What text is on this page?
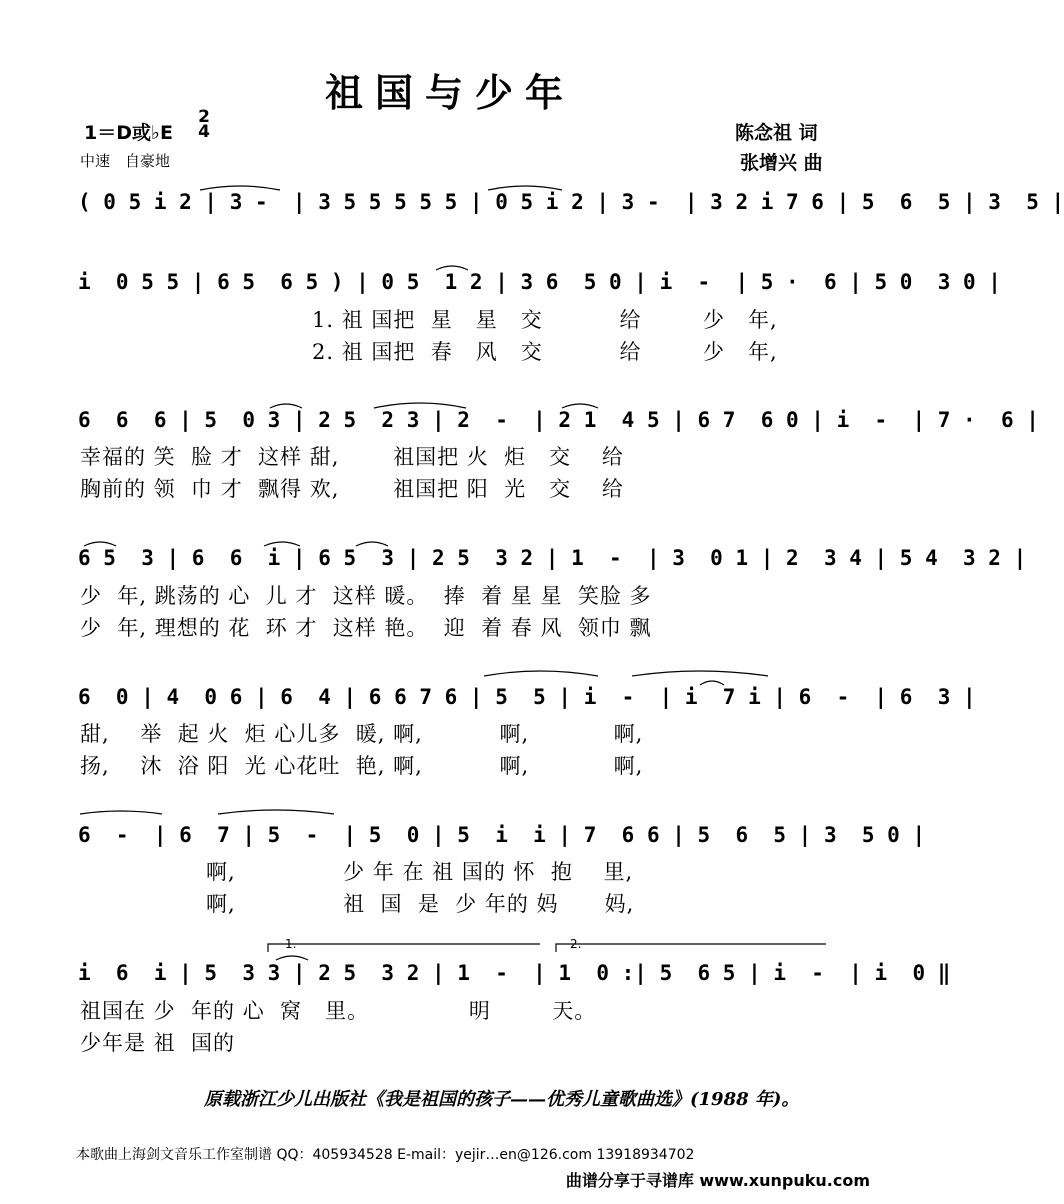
祖国与少年
1＝D或♭E
2
4
中速　自豪地
陈念祖 词
张增兴 曲
( 0 5 i 2 | 3 -  | 3 5 5 5 5 5 | 0 5 i 2 | 3 -  | 3 2 i 7 6 | 5  6  5 | 3  5 |
i  0 5 5 | 6 5  6 5 ) | 0 5  1 2 | 3 6  5 0 | i  -  | 5 ·  6 | 5 0  3 0 |
6  6  6 | 5  0 3 | 2 5  2 3 | 2  -  | 2 1  4 5 | 6 7  6 0 | i  -  | 7 ·  6 |
6 5  3 | 6  6  i | 6 5  3 | 2 5  3 2 | 1  -  | 3  0 1 | 2  3 4 | 5 4  3 2 |
6  0 | 4  0 6 | 6  4 | 6 6 7 6 | 5  5 | i  -  | i  7 i | 6  -  | 6  3 |
6  -  | 6  7 | 5  -  | 5  0 | 5  i  i | 7  6 6 | 5  6  5 | 3  5 0 |
i  6  i | 5  3 3 | 2 5  3 2 | 1  -  | 1  0 :| 5  6 5 | i  -  | i  0 ‖
1. 祖 国把  星   星   交          给        少   年,
2. 祖 国把  春   风   交          给        少   年,
幸福的 笑  脸 才  这样 甜,       祖国把 火  炬   交    给
胸前的 领  巾 才  飘得 欢,       祖国把 阳  光   交    给
少  年, 跳荡的 心  儿 才  这样 暖。  捧  着 星 星  笑脸 多
少  年, 理想的 花  环 才  这样 艳。  迎  着 春 风  领巾 飘
甜,    举  起 火  炬 心儿多  暖, 啊,          啊,           啊,
扬,    沐  浴 阳  光 心花吐  艳, 啊,          啊,           啊,
啊,              少 年 在 祖 国的 怀  抱    里,
啊,              祖  国  是  少 年的 妈      妈,
祖国在 少  年的 心  窝   里。             明        天。
少年是 祖  国的
1.	2.
原载浙江少儿出版社《我是祖国的孩子——优秀儿童歌曲选》(1988 年)。
本歌曲上海剑文音乐工作室制谱 QQ：405934528 E-mail：yejir…en@126.com 13918934702
曲谱分享于寻谱库 www.xunpuku.com
